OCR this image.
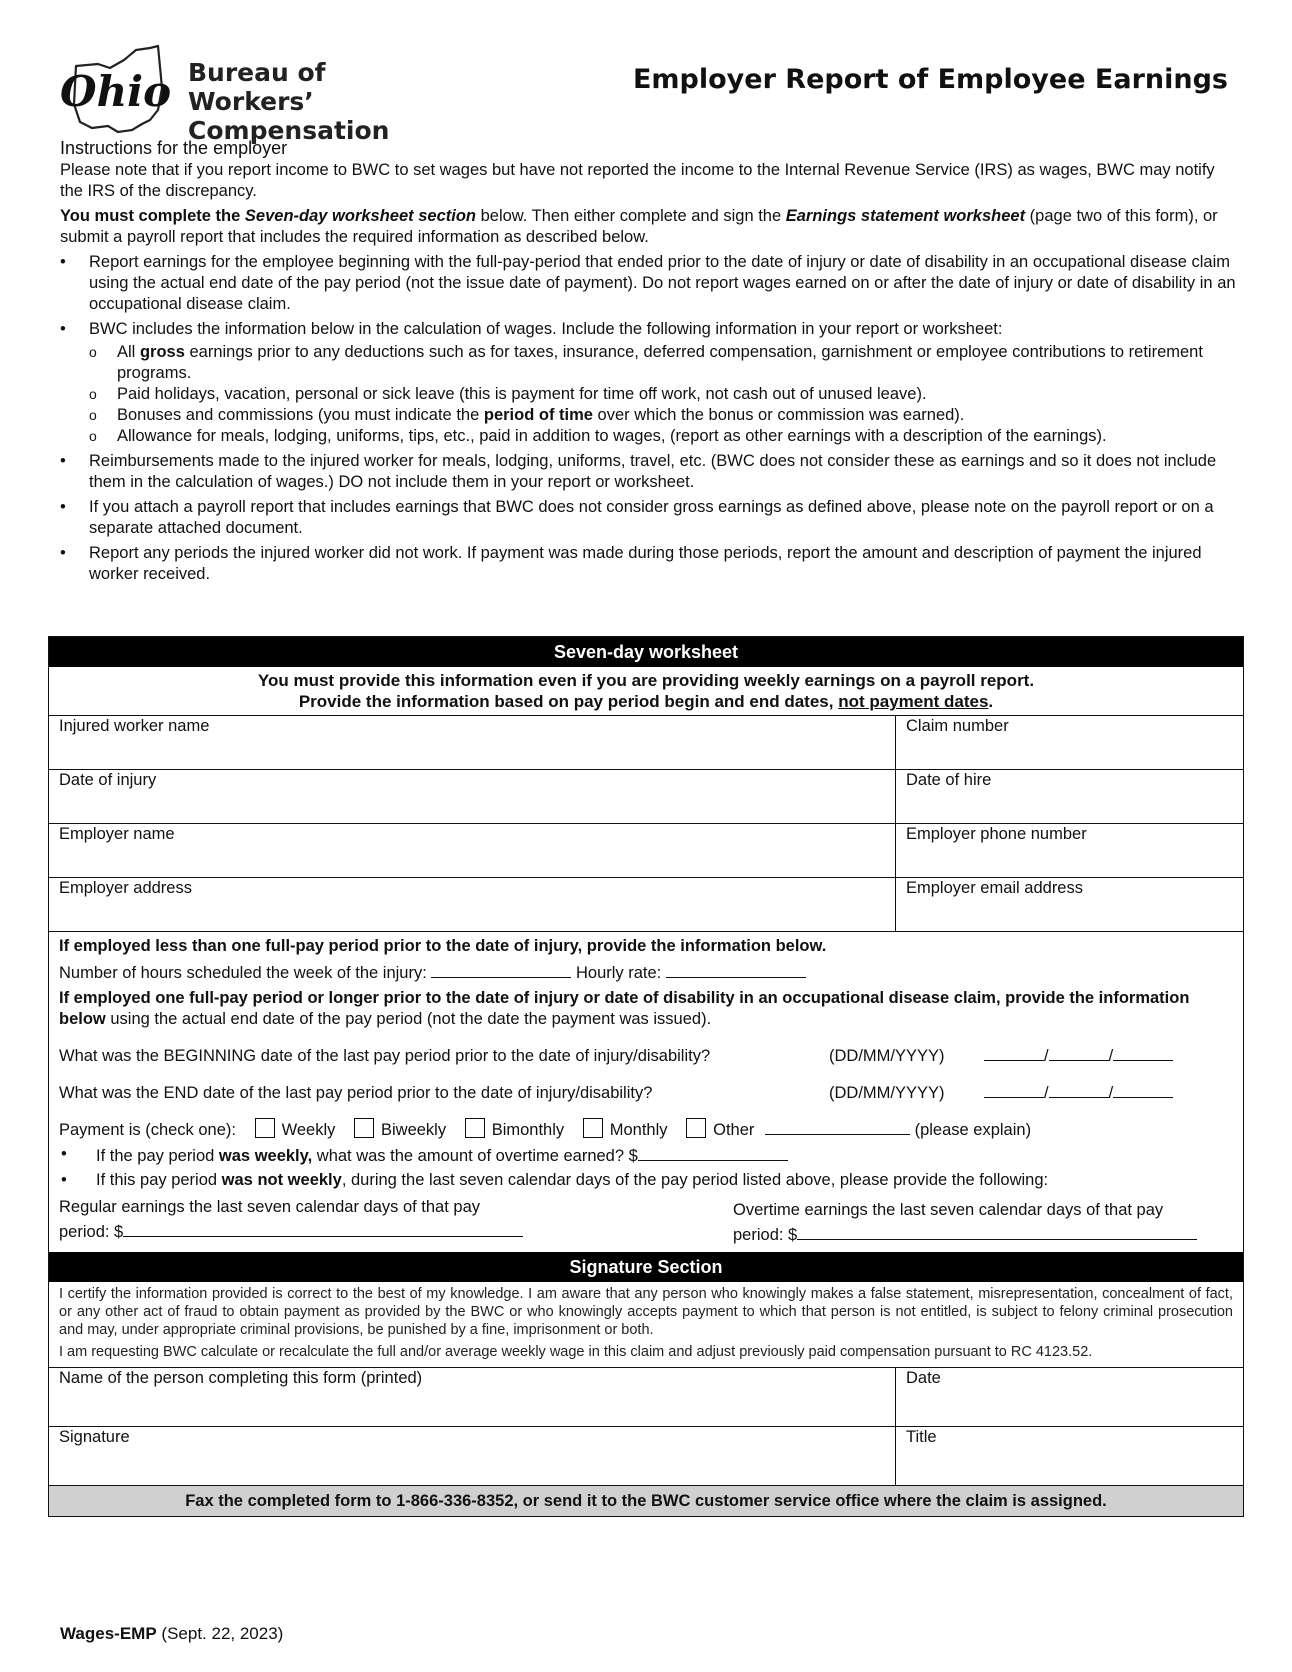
Ohio Bureau of Workers’
Compensation
Employer Report of Employee Earnings
Instructions for the employer

Please note that if you report income to BWC to set wages but have not reported the income to the Internal Revenue Service (IRS) as wages, BWC may notify the IRS of the discrepancy.

You must complete the Seven-day worksheet section below. Then either complete and sign the Earnings statement worksheet (page two of this form), or submit a payroll report that includes the required information as described below.

• Report earnings for the employee beginning with the full-pay-period that ended prior to the date of injury or date of disability in an occupational disease claim using the actual end date of the pay period (not the issue date of payment). Do not report wages earned on or after the date of injury or date of disability in an occupational disease claim.
• BWC includes the information below in the calculation of wages. Include the following information in your report or worksheet:
o All gross earnings prior to any deductions such as for taxes, insurance, deferred compensation, garnishment or employee contributions to retirement programs.
o Paid holidays, vacation, personal or sick leave (this is payment for time off work, not cash out of unused leave).
o Bonuses and commissions (you must indicate the period of time over which the bonus or commission was earned).
o Allowance for meals, lodging, uniforms, tips, etc., paid in addition to wages, (report as other earnings with a description of the earnings).
• Reimbursements made to the injured worker for meals, lodging, uniforms, travel, etc. (BWC does not consider these as earnings and so it does not include them in the calculation of wages.) DO not include them in your report or worksheet.
• If you attach a payroll report that includes earnings that BWC does not consider gross earnings as defined above, please note on the payroll report or on a separate attached document.
• Report any periods the injured worker did not work. If payment was made during those periods, report the amount and description of payment the injured worker received.
Seven-day worksheet
You must provide this information even if you are providing weekly earnings on a payroll report.
Provide the information based on pay period begin and end dates, not payment dates.
Injured worker name	Claim number
Date of injury	Date of hire
Employer name	Employer phone number
Employer address	Employer email address
If employed less than one full-pay period prior to the date of injury, provide the information below.
Number of hours scheduled the week of the injury:	Hourly rate:
If employed one full-pay period or longer prior to the date of injury or date of disability in an occupational disease claim, provide the information below using the actual end date of the pay period (not the date the payment was issued).
What was the BEGINNING date of the last pay period prior to the date of injury/disability?	(DD/MM/YYYY)	/	/
What was the END date of the last pay period prior to the date of injury/disability?	(DD/MM/YYYY)	/	/
Payment is (check one):	Weekly	Biweekly	Bimonthly	Monthly	Other	(please explain)
• If the pay period was weekly, what was the amount of overtime earned? $
• If this pay period was not weekly, during the last seven calendar days of the pay period listed above, please provide the following:
Regular earnings the last seven calendar days of that pay
period: $
Overtime earnings the last seven calendar days of that pay
period: $
Signature Section

I certify the information provided is correct to the best of my knowledge. I am aware that any person who knowingly makes a false statement, misrepresentation, concealment of fact, or any other act of fraud to obtain payment as provided by the BWC or who knowingly accepts payment to which that person is not entitled, is subject to felony criminal prosecution and may, under appropriate criminal provisions, be punished by a fine, imprisonment or both.

I am requesting BWC calculate or recalculate the full and/or average weekly wage in this claim and adjust previously paid compensation pursuant to RC 4123.52.

Name of the person completing this form (printed)	Date
Signature	Title
Fax the completed form to 1-866-336-8352, or send it to the BWC customer service office where the claim is assigned.
Wages-EMP (Sept. 22, 2023)
